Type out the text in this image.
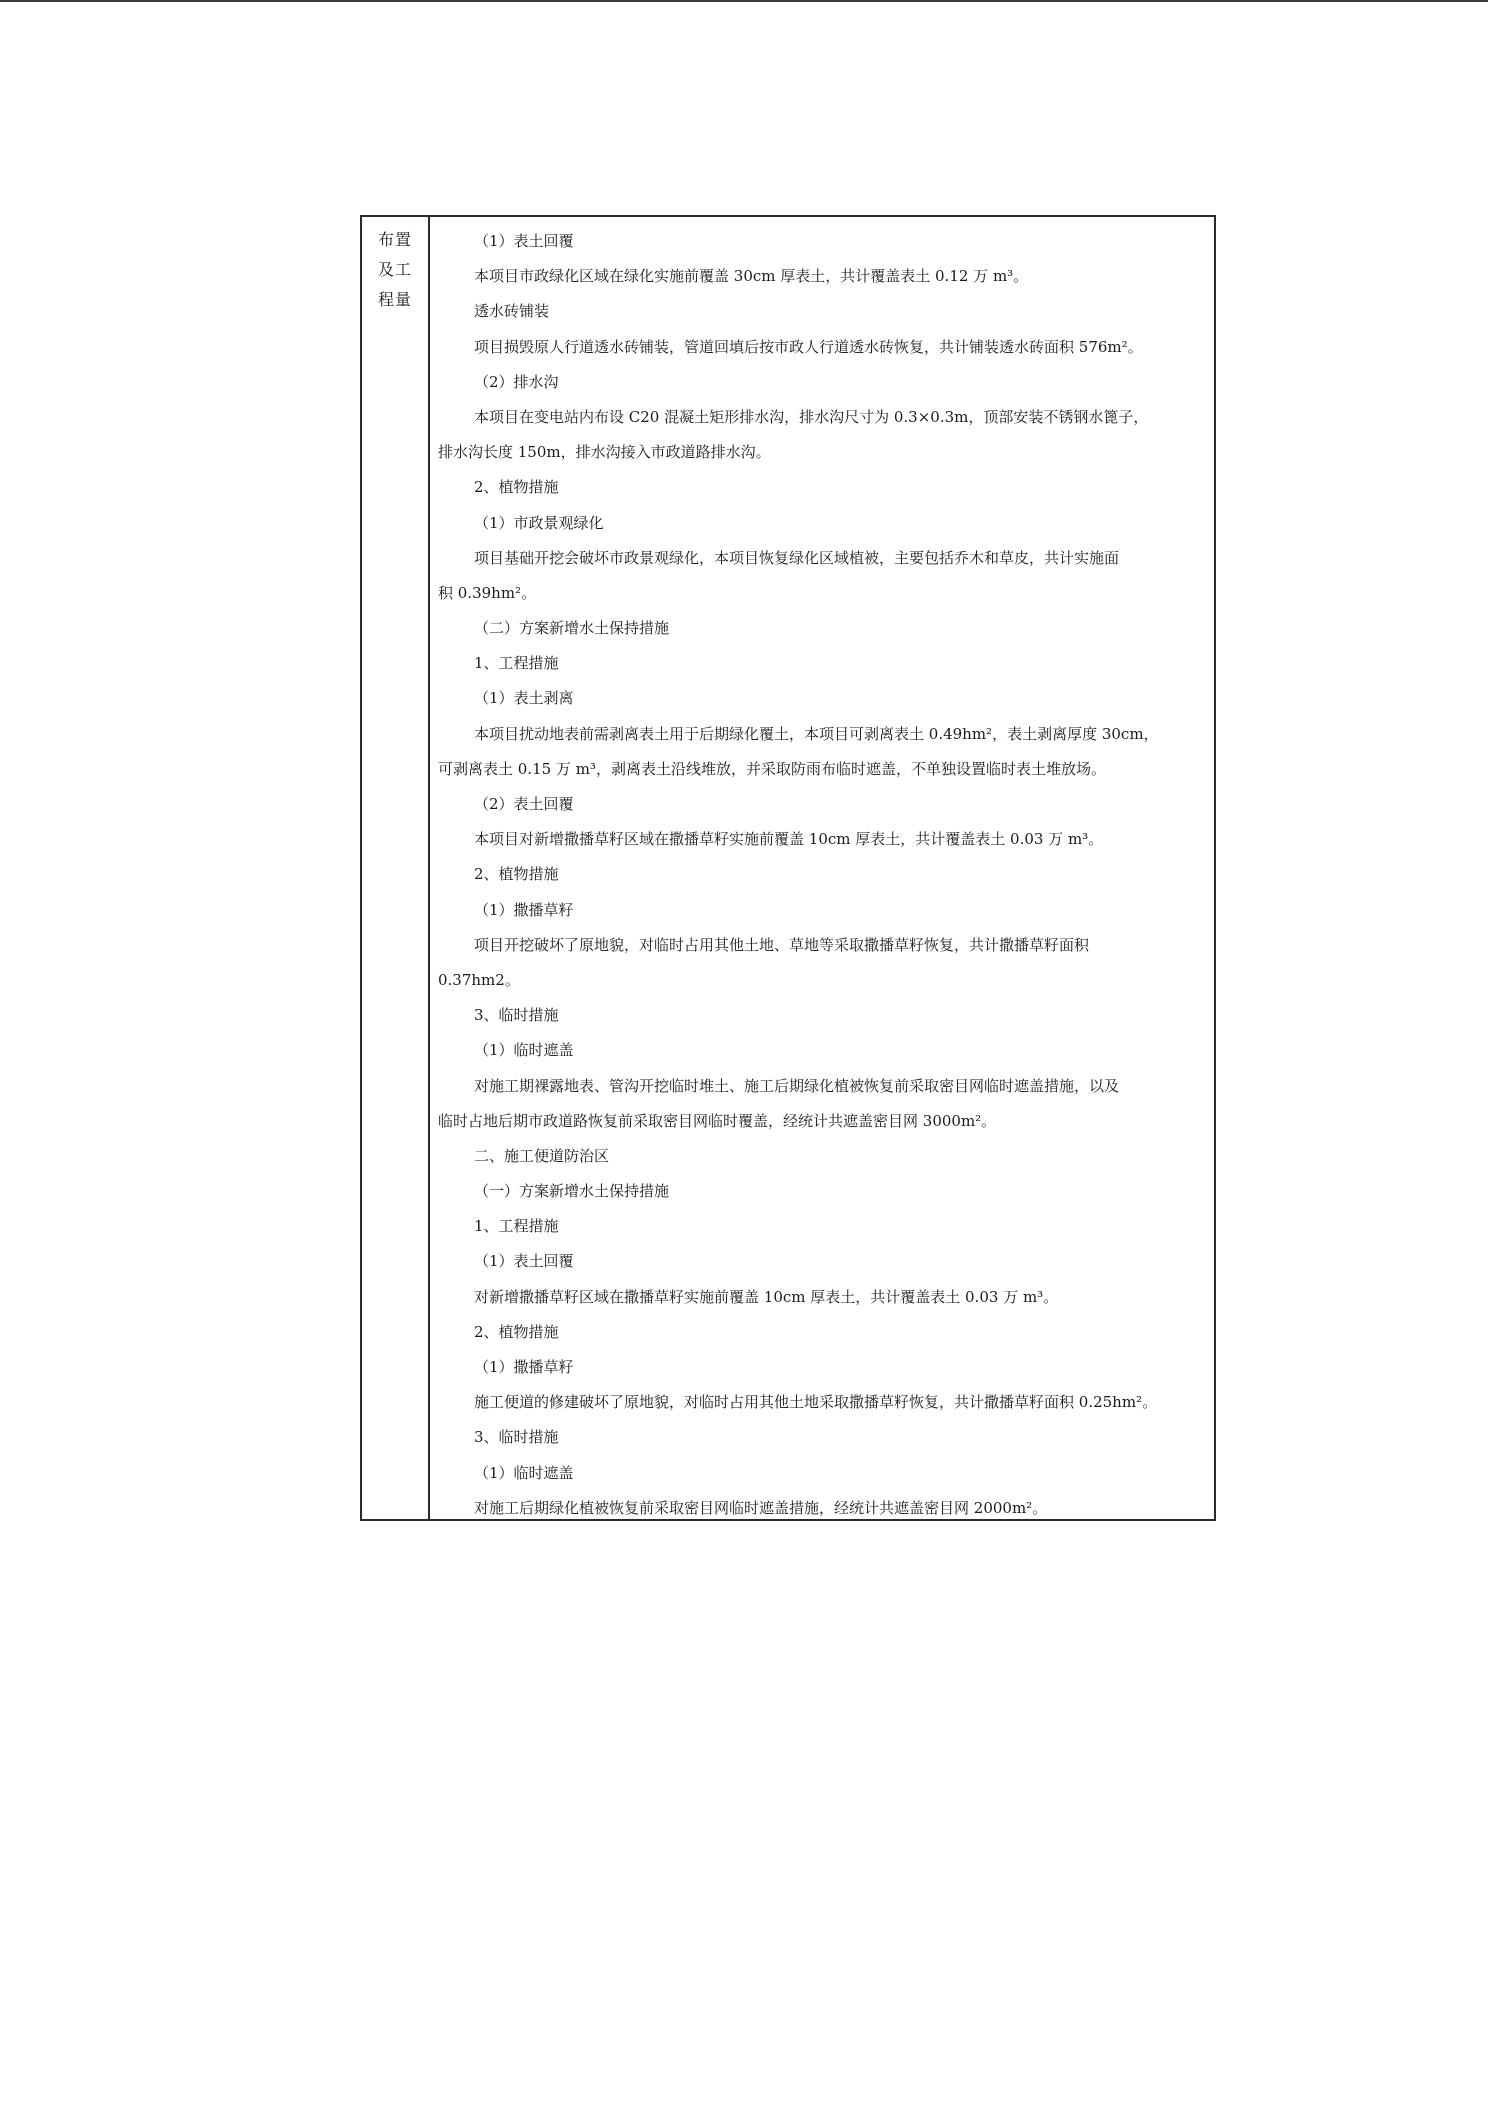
布置
及工
程量
（1）表土回覆
本项目市政绿化区域在绿化实施前覆盖 30cm 厚表土，共计覆盖表土 0.12 万 m³。
透水砖铺装
项目损毁原人行道透水砖铺装，管道回填后按市政人行道透水砖恢复，共计铺装透水砖面积 576m²。
（2）排水沟
本项目在变电站内布设 C20 混凝土矩形排水沟，排水沟尺寸为 0.3×0.3m，顶部安装不锈钢水篦子，
排水沟长度 150m，排水沟接入市政道路排水沟。
2、植物措施
（1）市政景观绿化
项目基础开挖会破坏市政景观绿化，本项目恢复绿化区域植被，主要包括乔木和草皮，共计实施面
积 0.39hm²。
（二）方案新增水土保持措施
1、工程措施
（1）表土剥离
本项目扰动地表前需剥离表土用于后期绿化覆土，本项目可剥离表土 0.49hm²，表土剥离厚度 30cm，
可剥离表土 0.15 万 m³，剥离表土沿线堆放，并采取防雨布临时遮盖，不单独设置临时表土堆放场。
（2）表土回覆
本项目对新增撒播草籽区域在撒播草籽实施前覆盖 10cm 厚表土，共计覆盖表土 0.03 万 m³。
2、植物措施
（1）撒播草籽
项目开挖破坏了原地貌，对临时占用其他土地、草地等采取撒播草籽恢复，共计撒播草籽面积
0.37hm2。
3、临时措施
（1）临时遮盖
对施工期裸露地表、管沟开挖临时堆土、施工后期绿化植被恢复前采取密目网临时遮盖措施，以及
临时占地后期市政道路恢复前采取密目网临时覆盖，经统计共遮盖密目网 3000m²。
二、施工便道防治区
（一）方案新增水土保持措施
1、工程措施
（1）表土回覆
对新增撒播草籽区域在撒播草籽实施前覆盖 10cm 厚表土，共计覆盖表土 0.03 万 m³。
2、植物措施
（1）撒播草籽
施工便道的修建破坏了原地貌，对临时占用其他土地采取撒播草籽恢复，共计撒播草籽面积 0.25hm²。
3、临时措施
（1）临时遮盖
对施工后期绿化植被恢复前采取密目网临时遮盖措施，经统计共遮盖密目网 2000m²。
